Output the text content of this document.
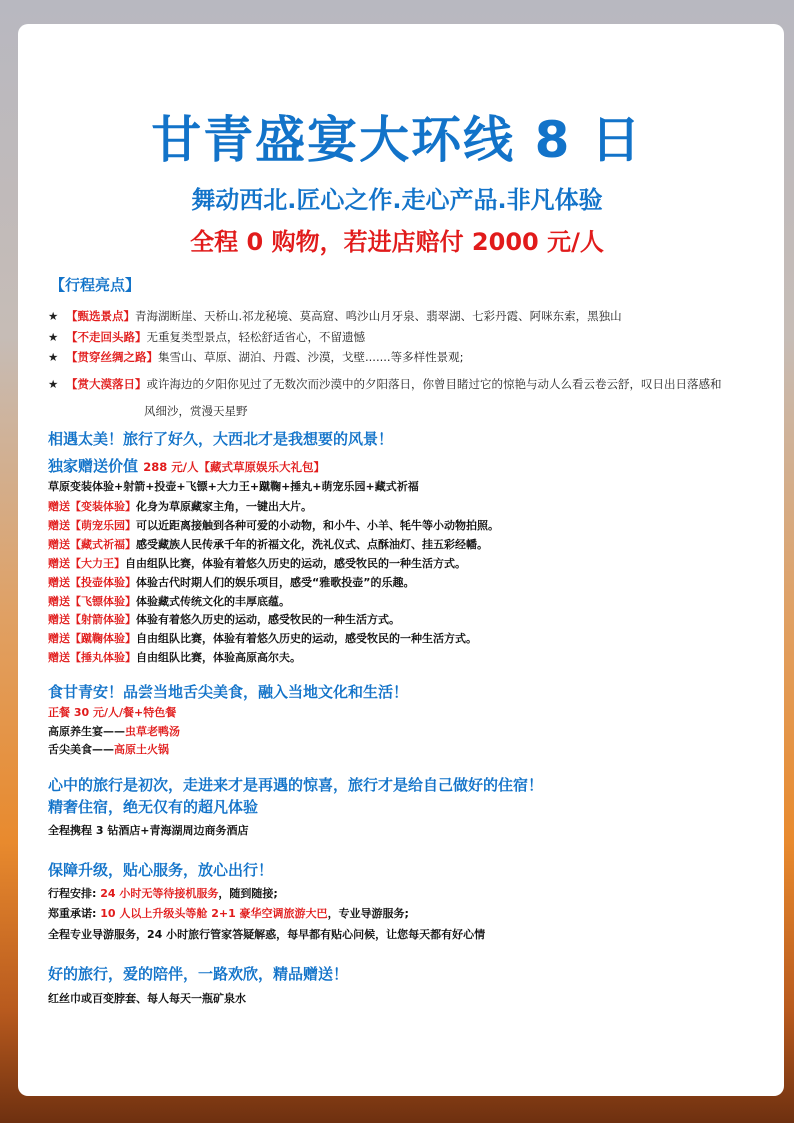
甘青盛宴大环线 8 日
舞动西北.匠心之作.走心产品.非凡体验
全程 0 购物，若进店赔付 2000 元/人
【行程亮点】
★ 【甄选景点】青海湖断崖、天桥山.祁龙秘境、莫高窟、鸣沙山月牙泉、翡翠湖、七彩丹霞、阿咪东索，黑独山
★ 【不走回头路】无重复类型景点，轻松舒适省心，不留遗憾
★ 【贯穿丝绸之路】集雪山、草原、湖泊、丹霞、沙漠，戈壁.......等多样性景观;
★ 【赏大漠落日】或许海边的夕阳你见过了无数次而沙漠中的夕阳落日，你曾目睹过它的惊艳与动人么看云卷云舒，叹日出日落感和
风细沙，赏漫天星野
相遇太美！旅行了好久，大西北才是我想要的风景！
独家赠送价值 288 元/人【藏式草原娱乐大礼包】
草原变装体验+射箭+投壶+飞镖+大力王+蹴鞠+捶丸+萌宠乐园+藏式祈福
赠送【变装体验】化身为草原藏家主角，一键出大片。
赠送【萌宠乐园】可以近距离接触到各种可爱的小动物，和小牛、小羊、牦牛等小动物拍照。
赠送【藏式祈福】感受藏族人民传承千年的祈福文化，洗礼仪式、点酥油灯、挂五彩经幡。
赠送【大力王】自由组队比赛，体验有着悠久历史的运动，感受牧民的一种生活方式。
赠送【投壶体验】体验古代时期人们的娱乐项目，感受“雅歌投壶”的乐趣。
赠送【飞镖体验】体验藏式传统文化的丰厚底蕴。
赠送【射箭体验】体验有着悠久历史的运动，感受牧民的一种生活方式。
赠送【蹴鞠体验】自由组队比赛，体验有着悠久历史的运动，感受牧民的一种生活方式。
赠送【捶丸体验】自由组队比赛，体验高原高尔夫。
食甘青安！品尝当地舌尖美食，融入当地文化和生活！
正餐 30 元/人/餐+特色餐
高原养生宴——虫草老鸭汤
舌尖美食——高原土火锅
心中的旅行是初次，走进来才是再遇的惊喜，旅行才是给自己做好的住宿！
精奢住宿，绝无仅有的超凡体验
全程携程 3 钻酒店+青海湖周边商务酒店
保障升级，贴心服务，放心出行！
行程安排: 24 小时无等待接机服务，随到随接;
郑重承诺: 10 人以上升级头等舱 2+1 豪华空调旅游大巴，专业导游服务;
全程专业导游服务，24 小时旅行管家答疑解惑，每早都有贴心问候，让您每天都有好心情
好的旅行，爱的陪伴，一路欢欣，精品赠送！
红丝巾或百变脖套、每人每天一瓶矿泉水
